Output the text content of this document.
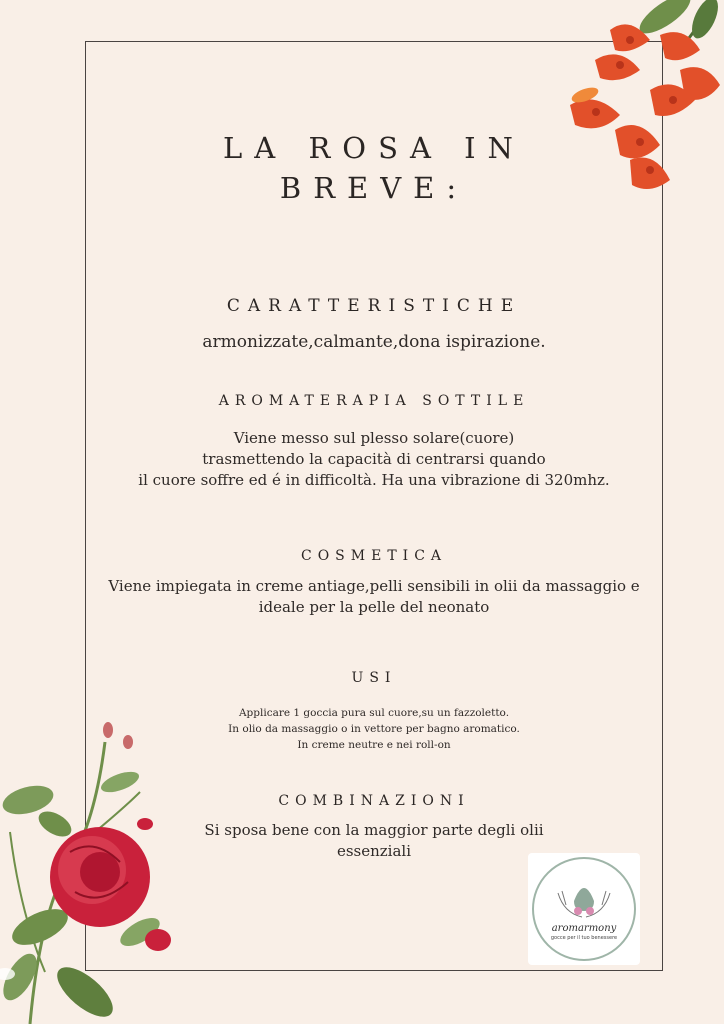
LA ROSA IN
BREVE:
CARATTERISTICHE
armonizzate,calmante,dona ispirazione.
AROMATERAPIA SOTTILE
Viene messo sul plesso solare(cuore)
trasmettendo la capacità di centrarsi quando
il cuore soffre ed é in difficoltà. Ha una vibrazione di 320mhz.
COSMETICA
Viene impiegata in creme antiage,pelli sensibili in olii da massaggio e
ideale per la pelle del neonato
USI
Applicare 1 goccia pura sul cuore,su un fazzoletto.
In olio da massaggio o in vettore per bagno aromatico.
In creme neutre e nei roll-on
COMBINAZIONI
Si sposa bene con la maggior parte degli olii
essenziali
aromarmony
gocce per il tuo benessere
